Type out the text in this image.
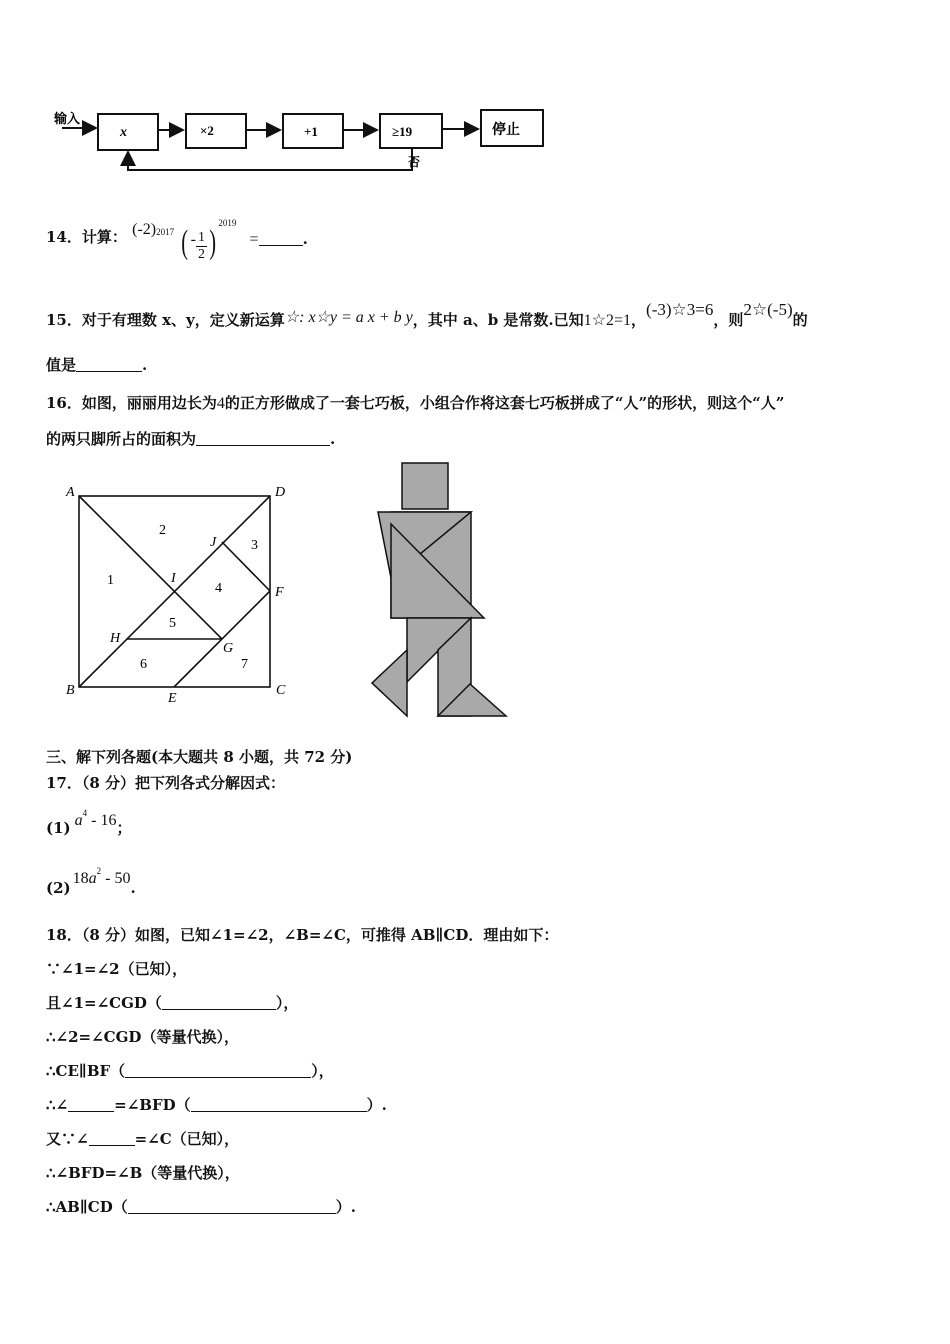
输入
x	×2	+1	≥19	停止
否
14．计算： $(-2)^{2017}$ ( - $\frac{1}{2} )^{2019}$ =	.
15．对于有理数 x、y，定义新运算☆: x☆y = a x + b y，其中 a、b 是常数.已知1☆2=1，(-3)☆3=6，则2☆(-5)的
值是	.
16．如图，丽丽用边长为4的正方形做成了一套七巧板，小组合作将这套七巧板拼成了“人”的形状，则这个“人”
的两只脚所占的面积为	.
A	D
B	C
E
F
G
H
I
J
1
2
3
4
5
6	7
三、解下列各题(本大题共 8 小题，共 72 分)
17．（8 分）把下列各式分解因式：
(1) $a^4 - 16$；
$(2)18a^2 - 50$.
18．（8 分）如图，已知∠1=∠2，∠B=∠C，可推得 AB∥CD．理由如下：
∵∠1=∠2（已知），
且∠1=∠CGD（	），
∴∠2=∠CGD（等量代换），
∴CE∥BF（	），
∴∠	=∠BFD（	）.
又∵∠	=∠C（已知），
∴∠BFD=∠B（等量代换），
∴AB∥CD（	）.
